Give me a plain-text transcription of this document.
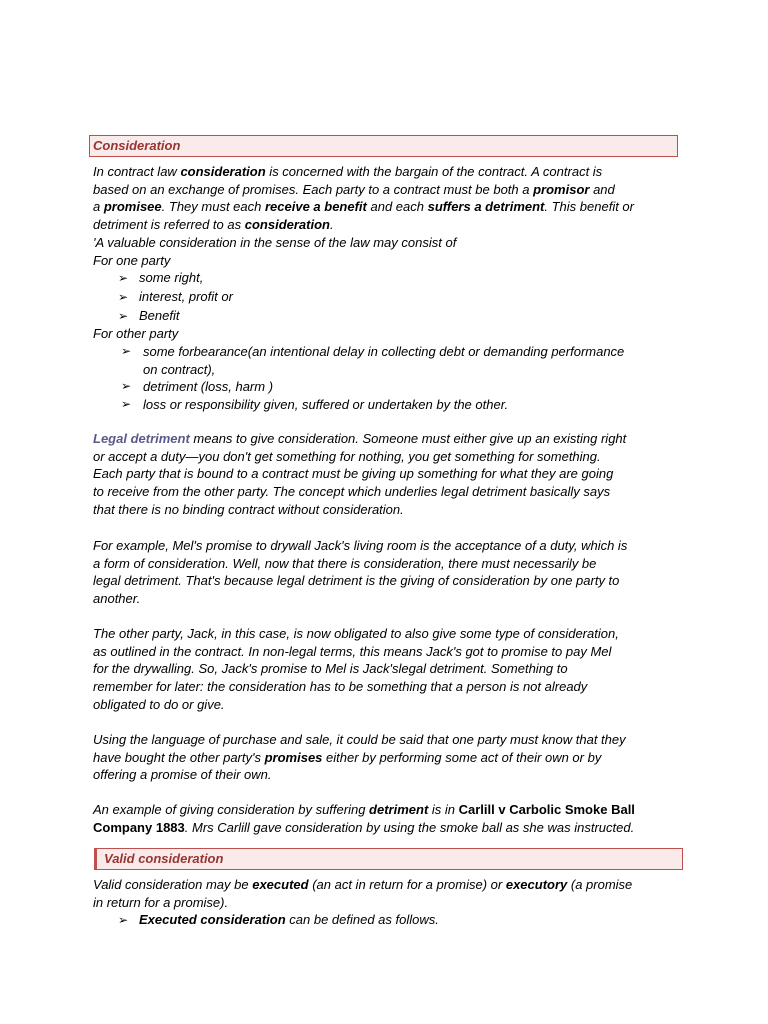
Consideration

In contract law consideration is concerned with the bargain of the contract. A contract is

based on an exchange of promises. Each party to a contract must be both a promisor and

a promisee. They must each receive a benefit and each suffers a detriment. This benefit or

detriment is referred to as consideration.

'A valuable consideration in the sense of the law may consist of

For one party

➢ some right,

➢ interest, profit or

➢ Benefit

For other party

➢ some forbearance(an intentional delay in collecting debt or demanding performance

on contract),

➢ detriment (loss, harm )

➢ loss or responsibility given, suffered or undertaken by the other.

Legal detriment means to give consideration. Someone must either give up an existing right

or accept a duty—you don't get something for nothing, you get something for something.

Each party that is bound to a contract must be giving up something for what they are going

to receive from the other party. The concept which underlies legal detriment basically says

that there is no binding contract without consideration.

For example, Mel's promise to drywall Jack's living room is the acceptance of a duty, which is

a form of consideration. Well, now that there is consideration, there must necessarily be

legal detriment. That's because legal detriment is the giving of consideration by one party to

another.

The other party, Jack, in this case, is now obligated to also give some type of consideration,

as outlined in the contract. In non-legal terms, this means Jack's got to promise to pay Mel

for the drywalling. So, Jack's promise to Mel is Jack'slegal detriment. Something to

remember for later: the consideration has to be something that a person is not already

obligated to do or give.

Using the language of purchase and sale, it could be said that one party must know that they

have bought the other party's promises either by performing some act of their own or by

offering a promise of their own.

An example of giving consideration by suffering detriment is in Carlill v Carbolic Smoke Ball

Company 1883. Mrs Carlill gave consideration by using the smoke ball as she was instructed.

Valid consideration

Valid consideration may be executed (an act in return for a promise) or executory (a promise

in return for a promise).

➢ Executed consideration can be defined as follows.
